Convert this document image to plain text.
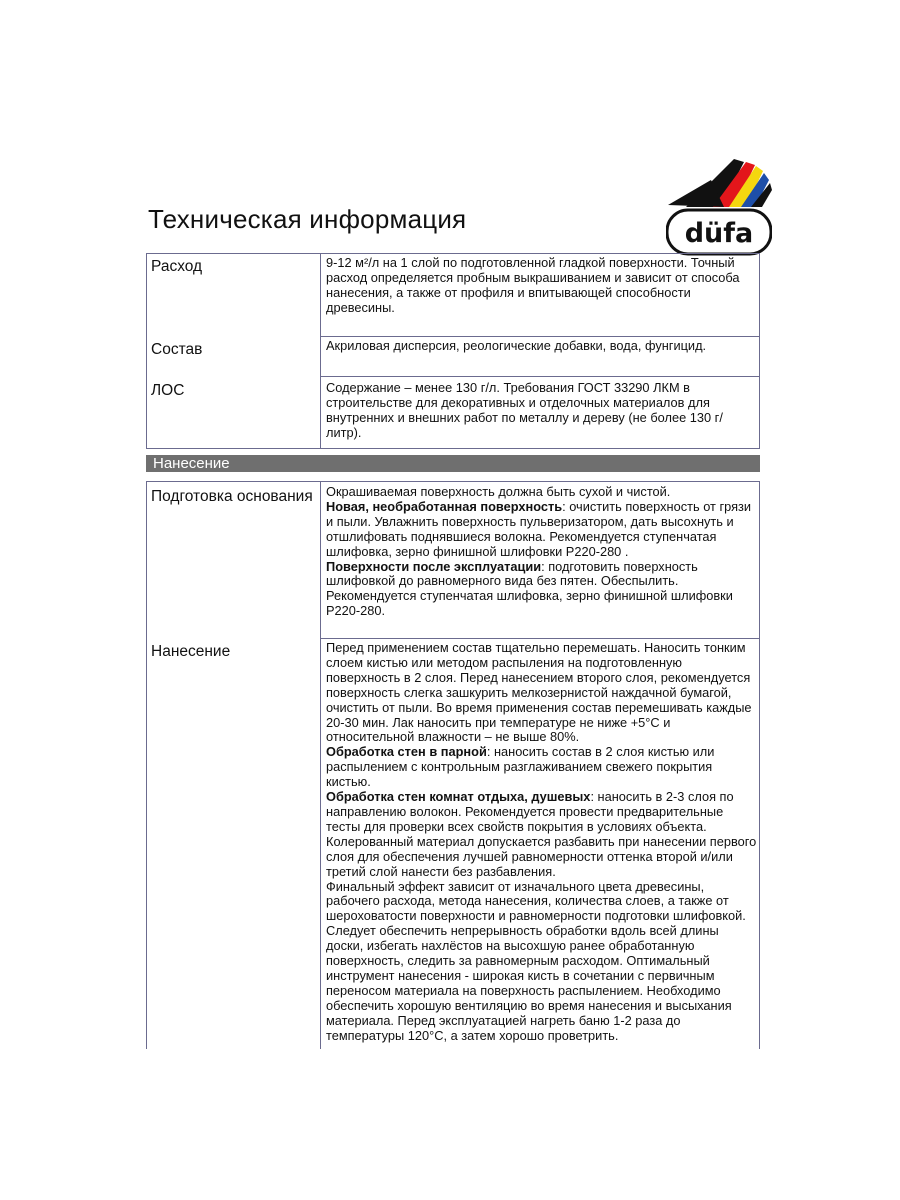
Техническая информация	düfa
Расход	9-12 м²/л на 1 слой по подготовленной гладкой поверхности. Точный расход определяется пробным выкрашиванием и зависит от способа нанесения, а также от профиля и впитывающей способности древесины.
Состав	Акриловая дисперсия, реологические добавки, вода, фунгицид.
ЛОС	Содержание – менее 130 г/л. Требования ГОСТ 33290 ЛКМ в строительстве для декоративных и отделочных материалов для внутренних и внешних работ по металлу и дереву (не более 130 г/литр).
Нанесение
Подготовка основания Окрашиваемая поверхность должна быть сухой и чистой.

Новая, необработанная поверхность: очистить поверхность от грязи и пыли. Увлажнить поверхность пульверизатором, дать высохнуть и отшлифовать поднявшиеся волокна. Рекомендуется ступенчатая шлифовка, зерно финишной шлифовки Р220-280 .

Поверхности после эксплуатации: подготовить поверхность шлифовкой до равномерного вида без пятен. Обеспылить. Рекомендуется ступенчатая шлифовка, зерно финишной шлифовки Р220-280.

Нанесение	Перед применением состав тщательно перемешать. Наносить тонким слоем кистью или методом распыления на подготовленную поверхность в 2 слоя. Перед нанесением второго слоя, рекомендуется поверхность слегка зашкурить мелкозернистой наждачной бумагой, очистить от пыли. Во время применения состав перемешивать каждые 20-30 мин. Лак наносить при температуре не ниже +5°С и относительной влажности – не выше 80%.

Обработка стен в парной: наносить состав в 2 слоя кистью или распылением с контрольным разглаживанием свежего покрытия кистью.

Обработка стен комнат отдыха, душевых: наносить в 2-3 слоя по направлению волокон. Рекомендуется провести предварительные тесты для проверки всех свойств покрытия в условиях объекта.

Колерованный материал допускается разбавить при нанесении первого слоя для обеспечения лучшей равномерности оттенка второй и/или третий слой нанести без разбавления.

Финальный эффект зависит от изначального цвета древесины, рабочего расхода, метода нанесения, количества слоев, а также от шероховатости поверхности и равномерности подготовки шлифовкой. Следует обеспечить непрерывность обработки вдоль всей длины доски, избегать нахлёстов на высохшую ранее обработанную поверхность, следить за равномерным расходом. Оптимальный инструмент нанесения - широкая кисть в сочетании с первичным переносом материала на поверхность распылением. Необходимо обеспечить хорошую вентиляцию во время нанесения и высыхания материала. Перед эксплуатацией нагреть баню 1-2 раза до температуры 120°С, а затем хорошо проветрить.
